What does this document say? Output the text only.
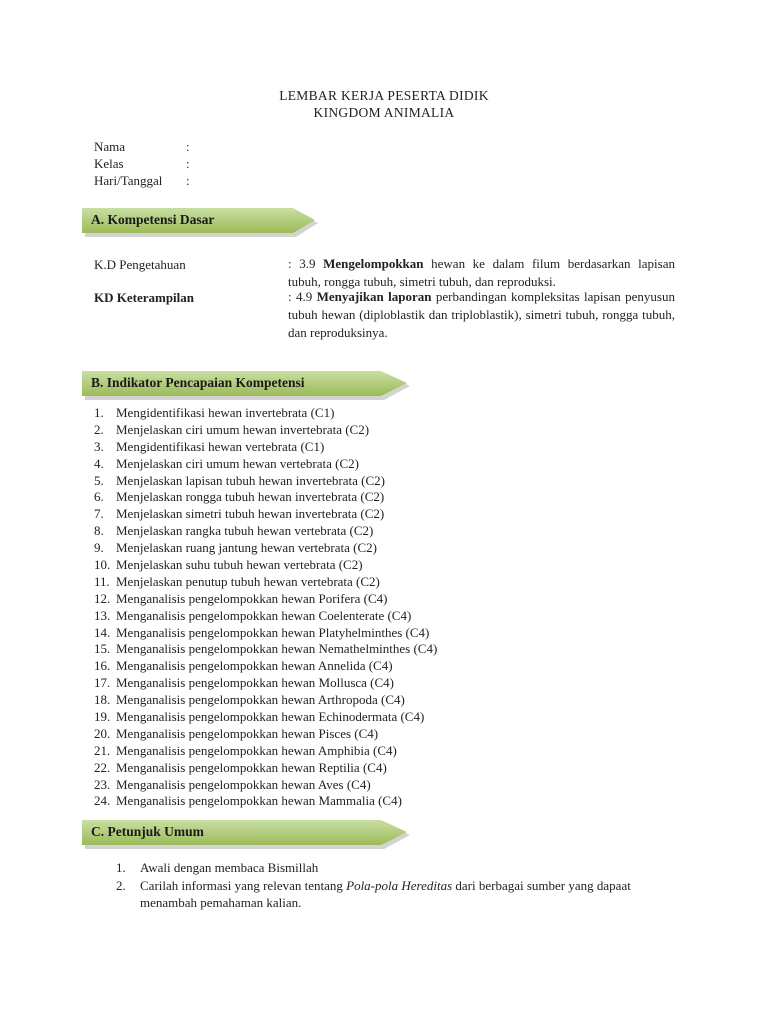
LEMBAR KERJA PESERTA DIDIK
KINGDOM ANIMALIA
Nama	:
Kelas	:
Hari/Tanggal :
A. Kompetensi Dasar
K.D Pengetahuan	: 3.9 Mengelompokkan hewan ke dalam filum berdasarkan lapisan tubuh, rongga tubuh, simetri tubuh, dan reproduksi.
KD Keterampilan	: 4.9 Menyajikan laporan perbandingan kompleksitas lapisan penyusun tubuh hewan (diploblastik dan triploblastik), simetri tubuh, rongga tubuh, dan reproduksinya.
B. Indikator Pencapaian Kompetensi
1. Mengidentifikasi hewan invertebrata (C1)
2. Menjelaskan ciri umum hewan invertebrata (C2)
3. Mengidentifikasi hewan vertebrata (C1)
4. Menjelaskan ciri umum hewan vertebrata (C2)
5. Menjelaskan lapisan tubuh hewan invertebrata (C2)
6. Menjelaskan rongga tubuh hewan invertebrata (C2)
7. Menjelaskan simetri tubuh hewan invertebrata (C2)
8. Menjelaskan rangka tubuh hewan vertebrata (C2)
9. Menjelaskan ruang jantung hewan vertebrata (C2)
10. Menjelaskan suhu tubuh hewan vertebrata (C2)
11. Menjelaskan penutup tubuh hewan vertebrata (C2)
12. Menganalisis pengelompokkan hewan Porifera (C4)
13. Menganalisis pengelompokkan hewan Coelenterate (C4)
14. Menganalisis pengelompokkan hewan Platyhelminthes (C4)
15. Menganalisis pengelompokkan hewan Nemathelminthes (C4)
16. Menganalisis pengelompokkan hewan Annelida (C4)
17. Menganalisis pengelompokkan hewan Mollusca (C4)
18. Menganalisis pengelompokkan hewan Arthropoda (C4)
19. Menganalisis pengelompokkan hewan Echinodermata (C4)
20. Menganalisis pengelompokkan hewan Pisces (C4)
21. Menganalisis pengelompokkan hewan Amphibia (C4)
22. Menganalisis pengelompokkan hewan Reptilia (C4)
23. Menganalisis pengelompokkan hewan Aves (C4)
24. Menganalisis pengelompokkan hewan Mammalia (C4)
C. Petunjuk Umum
1. Awali dengan membaca Bismillah
2. Carilah informasi yang relevan tentang Pola-pola Hereditas dari berbagai sumber yang dapaat menambah pemahaman kalian.
